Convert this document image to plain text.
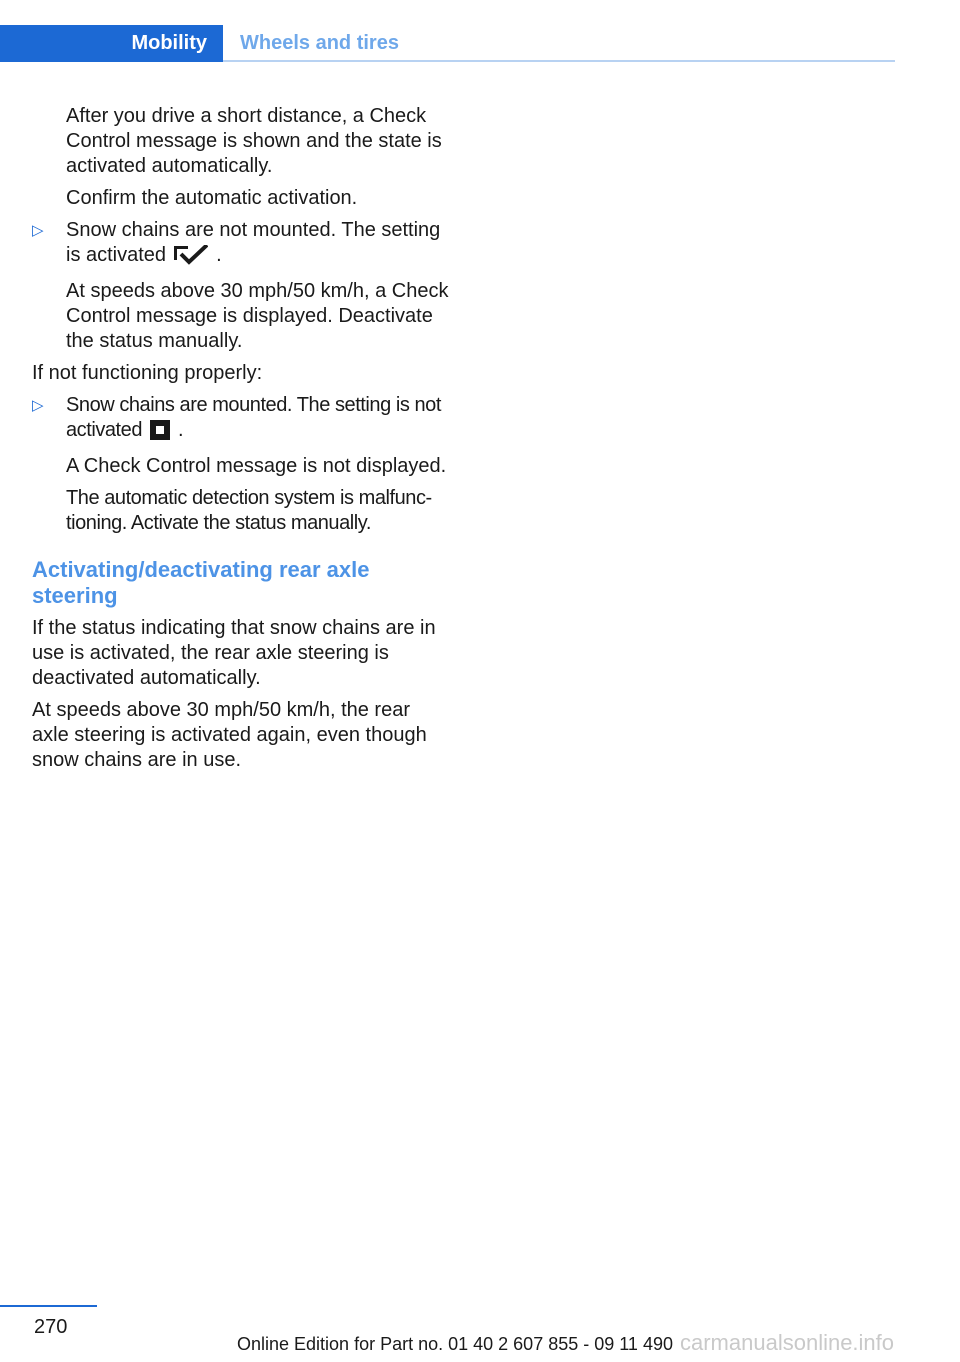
Mobility Wheels and tires

After you drive a short distance, a Check Control message is shown and the state is activated automatically.

Confirm the automatic activation.

▷ Snow chains are not mounted. The setting is activated	.

At speeds above 30 mph/50 km/h, a Check Control message is displayed. Deactivate the status manually.

If not functioning properly:

▷ Snow chains are mounted. The setting is not activated .

A Check Control message is not displayed.

The automatic detection system is malfunctioning. Activate the status manually.

Activating/deactivating rear axle steering

If the status indicating that snow chains are in use is activated, the rear axle steering is deactivated automatically.

At speeds above 30 mph/50 km/h, the rear axle steering is activated again, even though snow chains are in use.

270
Online Edition for Part no. 01 40 2 607 855 - 09 11 490 carmanualsonline.info
